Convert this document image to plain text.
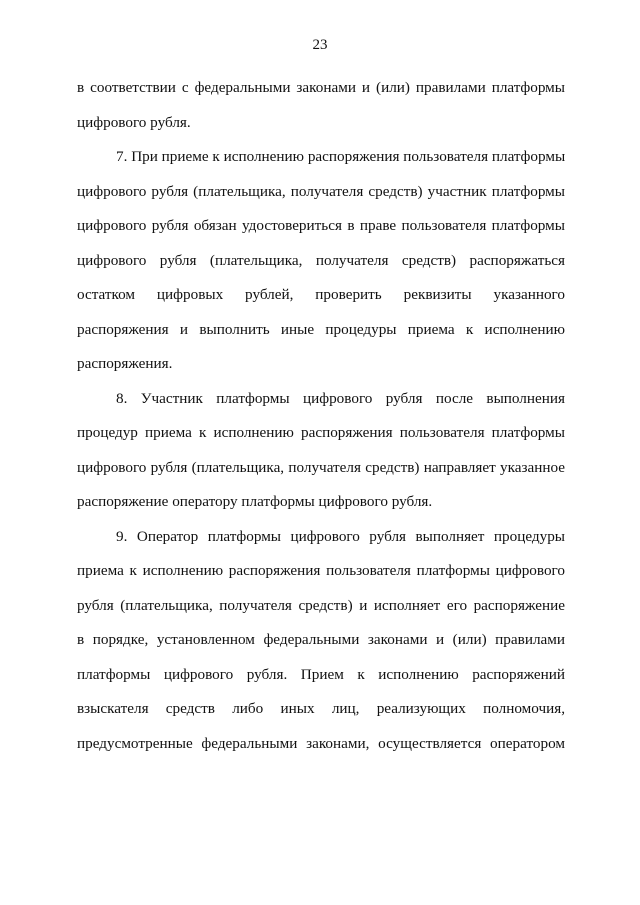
23
в соответствии с федеральными законами и (или) правилами платформы
цифрового рубля.
7. При приеме к исполнению распоряжения пользователя платформы
цифрового рубля (плательщика, получателя средств) участник платформы
цифрового рубля обязан удостовериться в праве пользователя платформы
цифрового рубля (плательщика, получателя средств) распоряжаться
остатком цифровых рублей, проверить реквизиты указанного
распоряжения и выполнить иные процедуры приема к исполнению
распоряжения.
8. Участник платформы цифрового рубля после выполнения
процедур приема к исполнению распоряжения пользователя платформы
цифрового рубля (плательщика, получателя средств) направляет указанное
распоряжение оператору платформы цифрового рубля.
9. Оператор платформы цифрового рубля выполняет процедуры
приема к исполнению распоряжения пользователя платформы цифрового
рубля (плательщика, получателя средств) и исполняет его распоряжение
в порядке, установленном федеральными законами и (или) правилами
платформы цифрового рубля. Прием к исполнению распоряжений
взыскателя средств либо иных лиц, реализующих полномочия,
предусмотренные федеральными законами, осуществляется оператором
